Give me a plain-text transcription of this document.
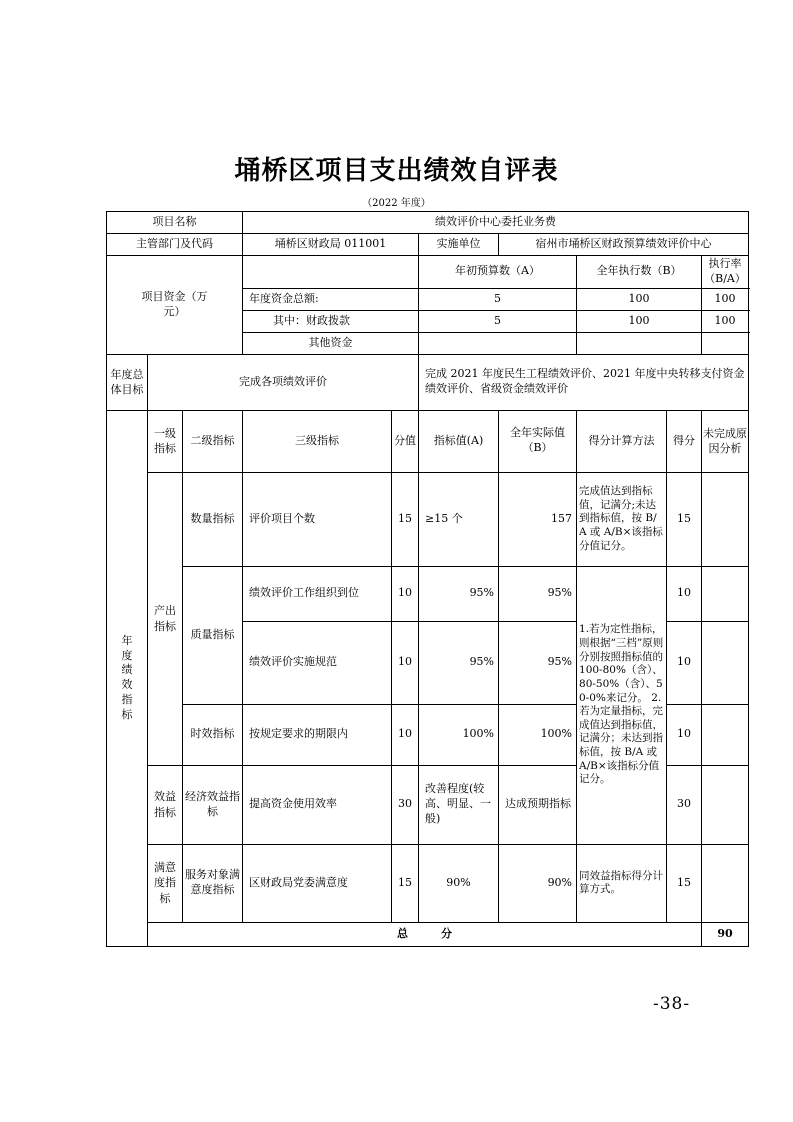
埇桥区项目支出绩效自评表
（2022 年度）
项目名称			绩效评价中心委托业务费							
主管部门及代码			埇桥区财政局 011001		实施单位	宿州市埇桥区财政预算绩效评价中心				
项目资金（万元）					年初预算数（A）		全年执行数（B）		执行率（B/A）	
			年度资金总额:		5		100		100	
			其中：财政拨款		5		100		100	
			其他资金							
年度总体目标	完成各项绩效评价				完成 2021 年度民生工程绩效评价、2021 年度中央转移支付资金绩效评价、省级资金绩效评价					
年度绩效指标	一级指标	二级指标	三级指标	分值	指标值(A)	全年实际值（B）	得分计算方法	得分	未完成原因分析	
	产出指标	数量指标	评价项目个数	15	≥15 个	157	完成值达到指标值，记满分;未达到指标值，按 B/A 或 A/B×该指标分值记分。	15		
		质量指标	绩效评价工作组织到位	10	95%	95%	1.若为定性指标，则根据“三档”原则分别按照指标值的 100-80%（含）、80-50%（含）、50-0%来记分。 2.若为定量指标，完成值达到指标值，记满分；未达到指标值，按 B/A 或 A/B×该指标分值记分。	10		
			绩效评价实施规范	10	95%	95%		10		
		时效指标	按规定要求的期限内	10	100%	100%		10		
	效益指标	经济效益指标	提高资金使用效率	30	改善程度(较高、明显、一般)	达成预期指标		30		
	满意度指标	服务对象满意度指标	区财政局党委满意度	15	90%	90%	同效益指标得分计算方式。	15		
	总　　　分								90	
-38-
